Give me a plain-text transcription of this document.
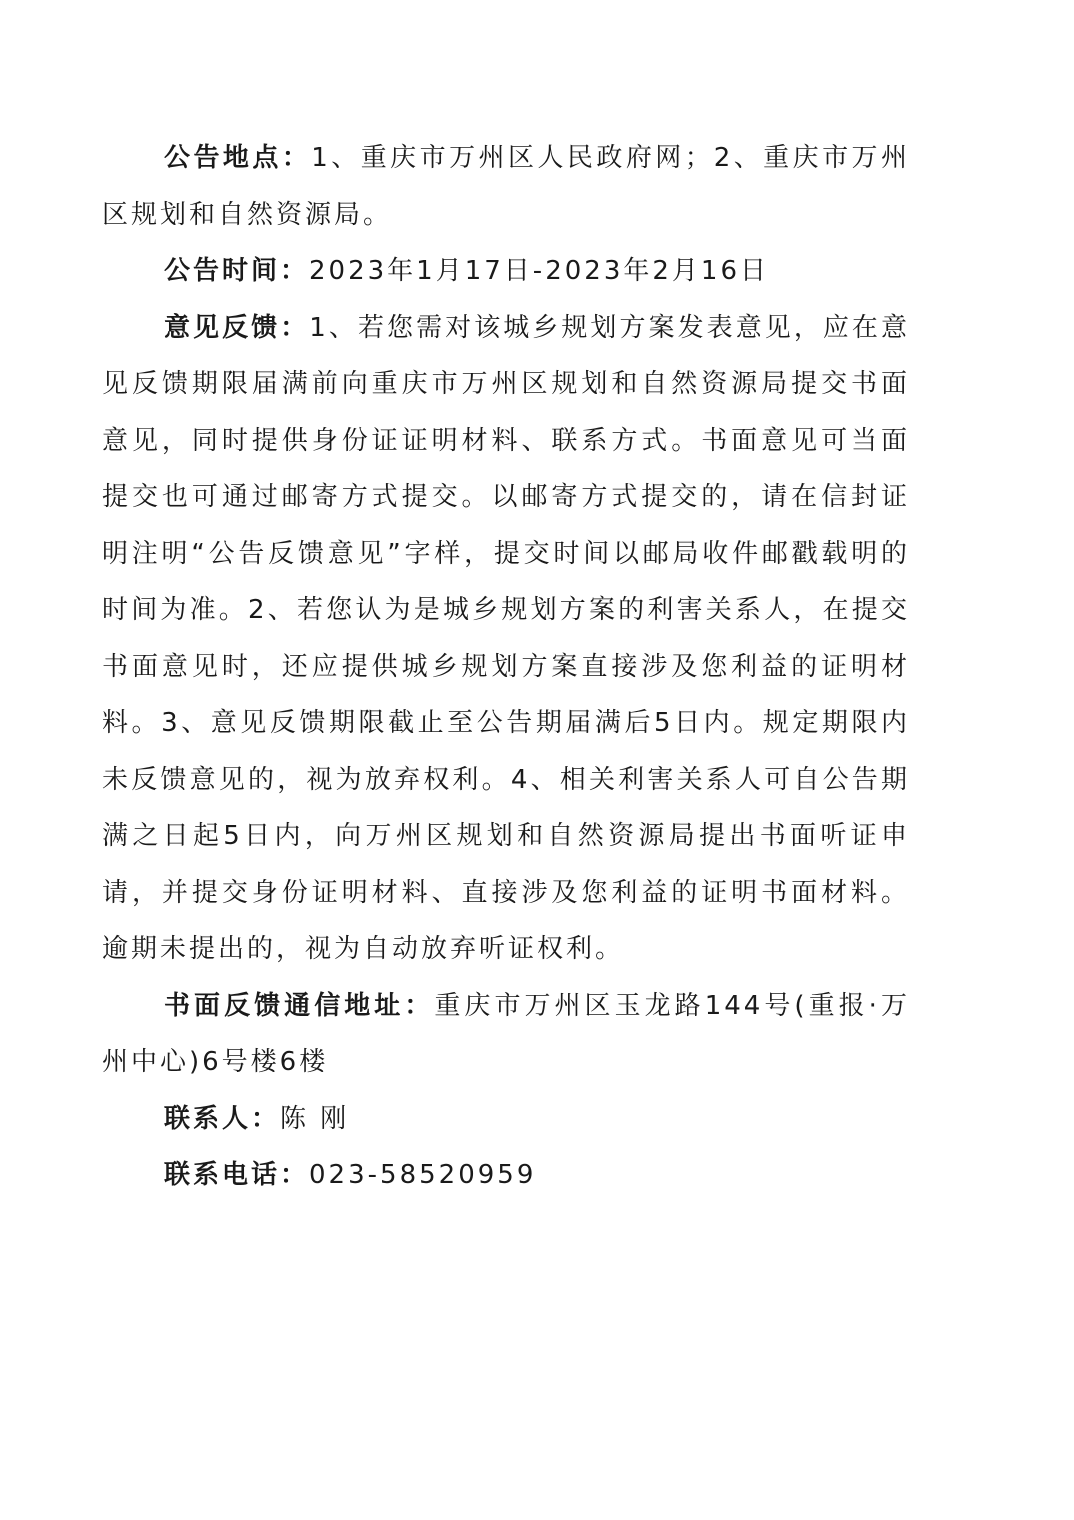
公告地点：1、重庆市万州区人民政府网；2、重庆市万州区规划和自然资源局。

公告时间：2023年1月17日-2023年2月16日

意见反馈：1、若您需对该城乡规划方案发表意见，应在意见反馈期限届满前向重庆市万州区规划和自然资源局提交书面意见，同时提供身份证证明材料、联系方式。书面意见可当面提交也可通过邮寄方式提交。以邮寄方式提交的，请在信封证明注明“公告反馈意见”字样，提交时间以邮局收件邮戳载明的时间为准。2、若您认为是城乡规划方案的利害关系人，在提交书面意见时，还应提供城乡规划方案直接涉及您利益的证明材料。3、意见反馈期限截止至公告期届满后5日内。规定期限内未反馈意见的，视为放弃权利。4、相关利害关系人可自公告期满之日起5日内，向万州区规划和自然资源局提出书面听证申请，并提交身份证明材料、直接涉及您利益的证明书面材料。逾期未提出的，视为自动放弃听证权利。

书面反馈通信地址：重庆市万州区玉龙路144号(重报·万州中心)6号楼6楼

联系人：陈 刚

联系电话：023-58520959
